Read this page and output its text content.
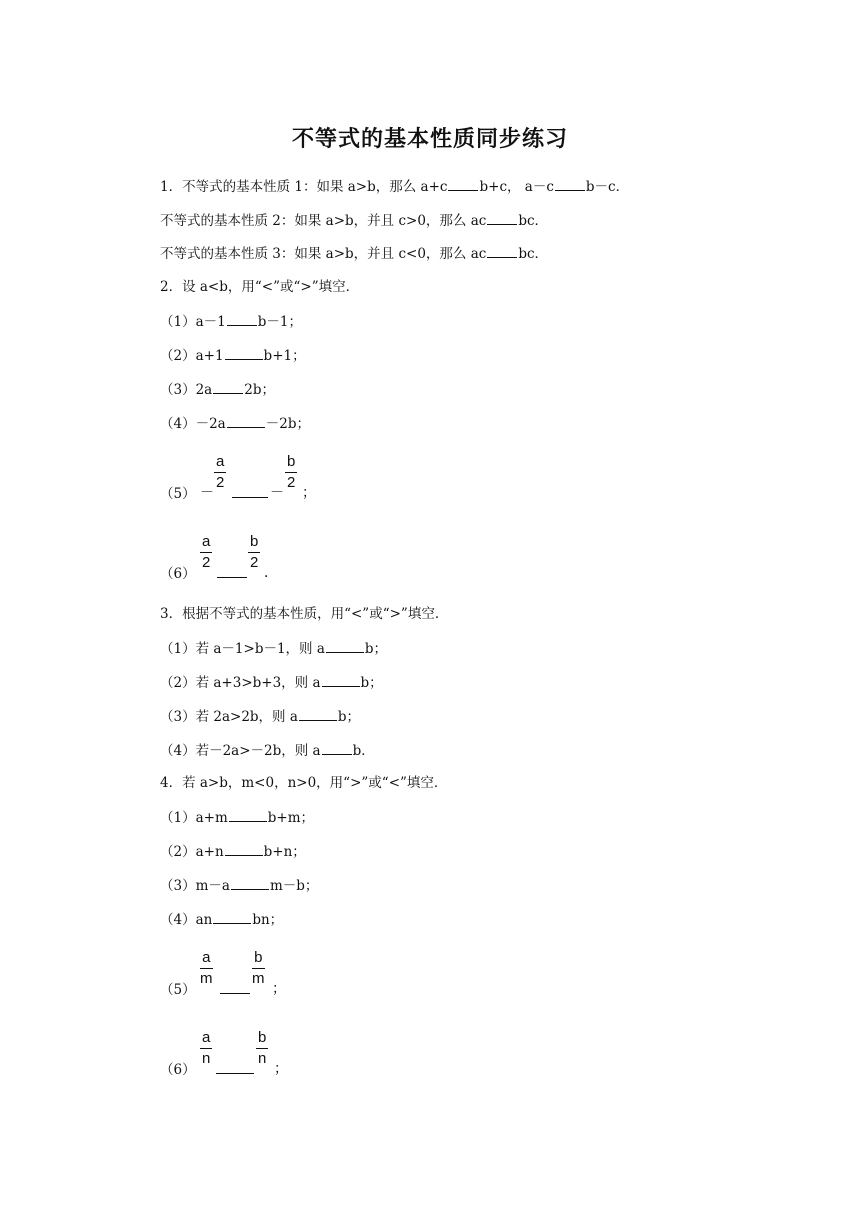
不等式的基本性质同步练习
1．不等式的基本性质 1：如果 a>b，那么 a+c b+c， a－c b－c．
不等式的基本性质 2：如果 a>b，并且 c>0，那么 ac bc．
不等式的基本性质 3：如果 a>b，并且 c<0，那么 ac bc．
2．设 a<b，用“<”或“>”填空．
（1）a－1 b－1；
（2）a+1	b+1；
（3）2a 2b；
（4）－2a	－2b；
$(5) - \frac{a}{2}$	－ $\frac{b}{2}$ ；
（6）
$\frac{a}{2} \frac{b}{2}$ ．
3．根据不等式的基本性质，用“<”或“>”填空．
（1）若 a－1>b－1，则 a	b；
（2）若 a+3>b+3，则 a	b；
（3）若 2a>2b，则 a	b；
（4）若－2a>－2b，则 a b．
4．若 a>b，m<0，n>0，用“>”或“<”填空．
（1）a+m	b+m；
（2）a+n	b+n；
（3）m－a	m－b；
（4）an	bn；
（5）
$\frac{a}{m}$	$\frac{b}{m}$ ；
（6）
$\frac{a}{n}$	$\frac{b}{n}$ ；
